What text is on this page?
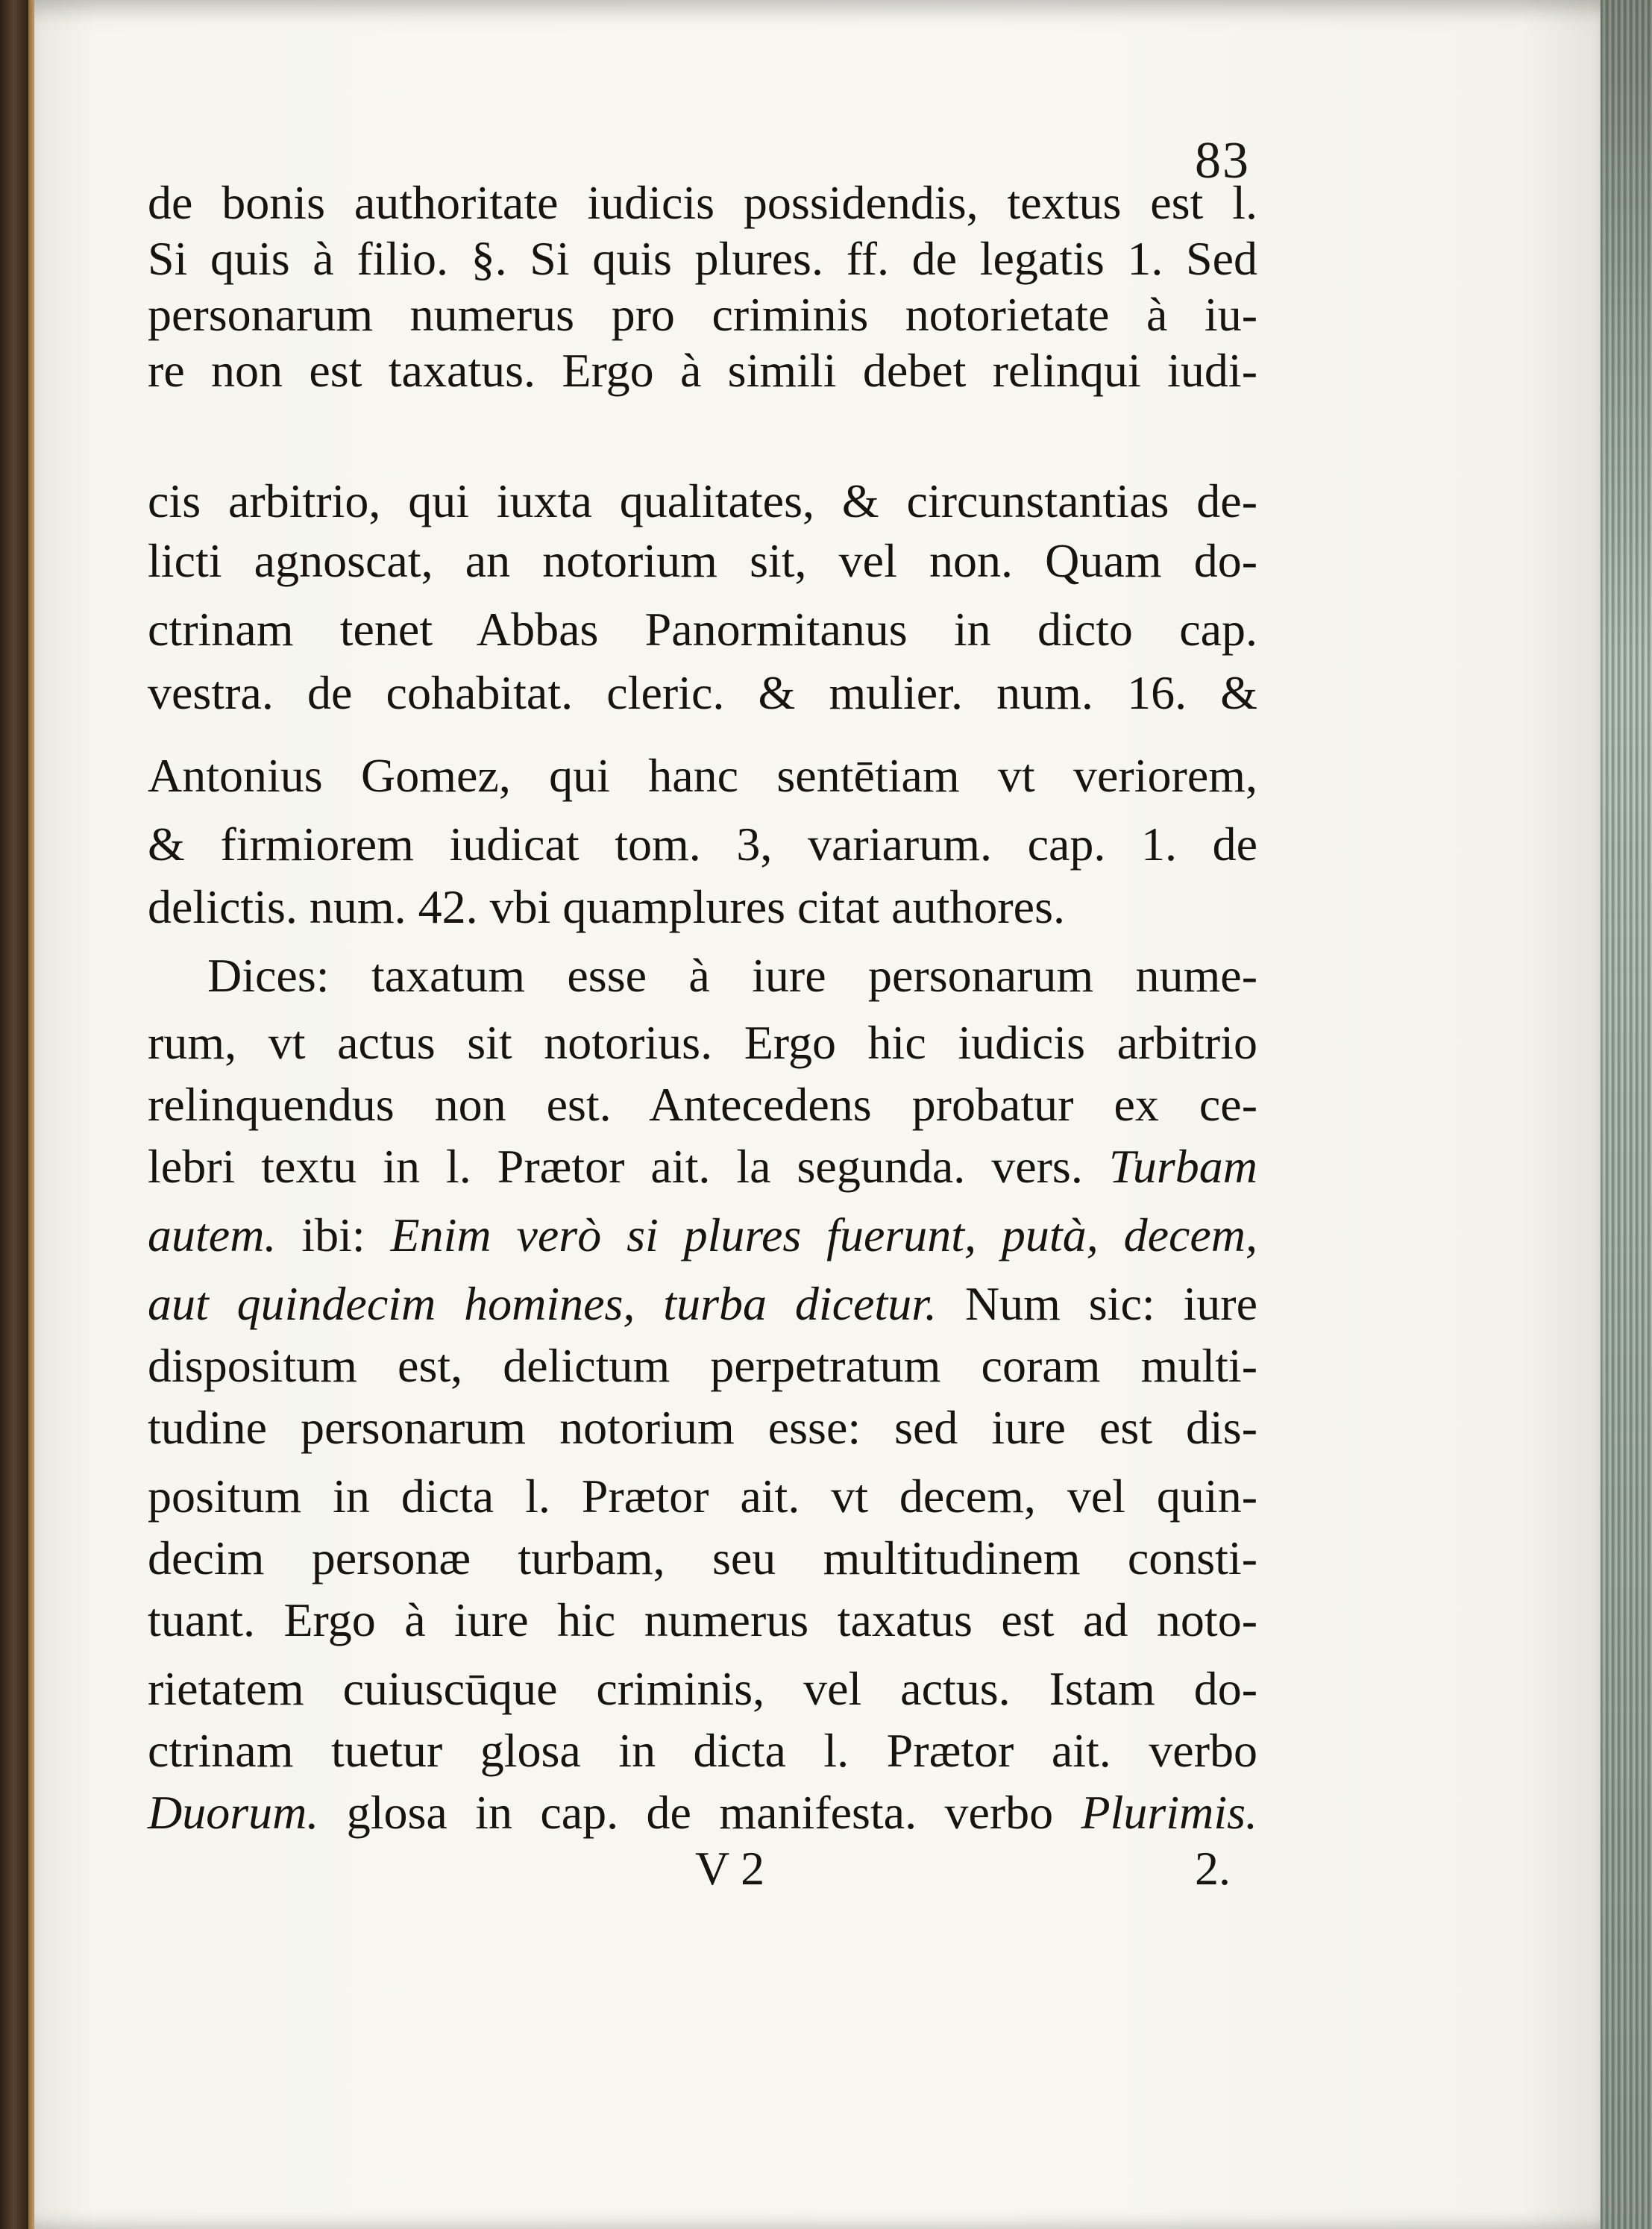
83
de bonis authoritate iudicis possidendis, textus est l.
Si quis à filio. §. Si quis plures. ff. de legatis 1. Sed
personarum numerus pro criminis notorietate à iu-
re non est taxatus. Ergo à simili debet relinqui iudi-
cis arbitrio, qui iuxta qualitates, & circunstantias de-
licti agnoscat, an notorium sit, vel non. Quam do-
ctrinam tenet Abbas Panormitanus in dicto cap.
vestra. de cohabitat. cleric. & mulier. num. 16. &
Antonius Gomez, qui hanc sentētiam vt veriorem,
& firmiorem iudicat tom. 3, variarum. cap. 1. de
delictis. num. 42. vbi quamplures citat authores.
Dices: taxatum esse à iure personarum nume-
rum, vt actus sit notorius. Ergo hic iudicis arbitrio
relinquendus non est. Antecedens probatur ex ce-
lebri textu in l. Prætor ait. la segunda. vers. Turbam
autem. ibi: Enim verò si plures fuerunt, putà, decem,
aut quindecim homines, turba dicetur. Num sic: iure
dispositum est, delictum perpetratum coram multi-
tudine personarum notorium esse: sed iure est dis-
positum in dicta l. Prætor ait. vt decem, vel quin-
decim personæ turbam, seu multitudinem consti-
tuant. Ergo à iure hic numerus taxatus est ad noto-
rietatem cuiuscūque criminis, vel actus. Istam do-
ctrinam tuetur glosa in dicta l. Prætor ait. verbo
Duorum. glosa in cap. de manifesta. verbo Plurimis.
V 2	2.
